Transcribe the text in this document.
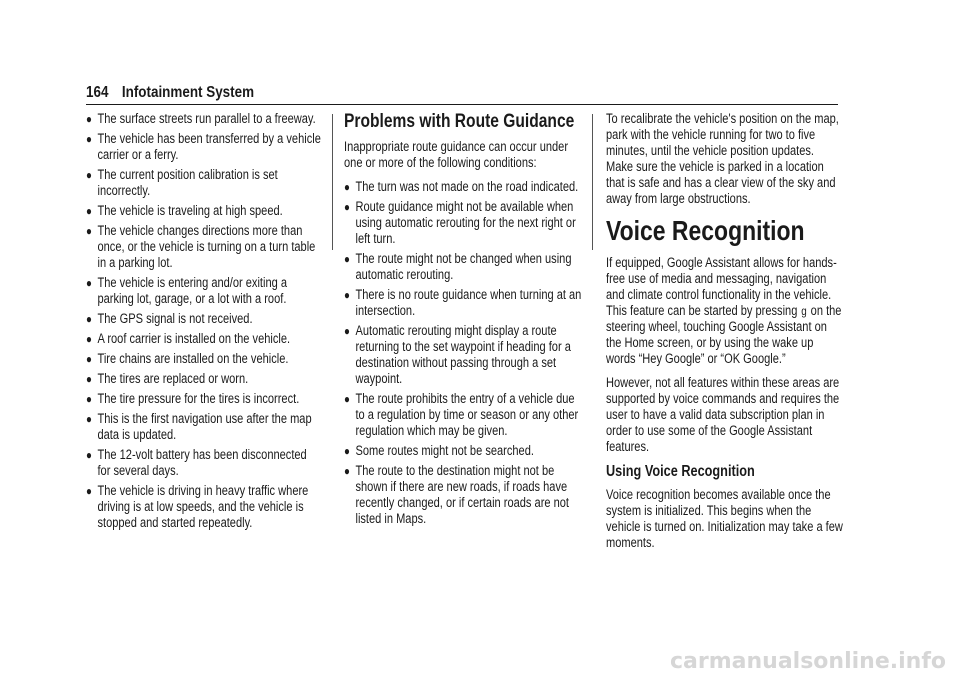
164 Infotainment System
● The surface streets run parallel to a freeway.
● The vehicle has been transferred by a vehicle carrier or a ferry.
● The current position calibration is set incorrectly.
● The vehicle is traveling at high speed.
● The vehicle changes directions more than once, or the vehicle is turning on a turn table in a parking lot.
● The vehicle is entering and/or exiting a parking lot, garage, or a lot with a roof.
● The GPS signal is not received.
● A roof carrier is installed on the vehicle.
● Tire chains are installed on the vehicle.
● The tires are replaced or worn.
● The tire pressure for the tires is incorrect.
● This is the first navigation use after the map data is updated.
● The 12-volt battery has been disconnected for several days.
● The vehicle is driving in heavy traffic where driving is at low speeds, and the vehicle is stopped and started repeatedly.
Problems with Route Guidance

Inappropriate route guidance can occur under one or more of the following conditions:

● The turn was not made on the road indicated.
● Route guidance might not be available when using automatic rerouting for the next right or left turn.
● The route might not be changed when using automatic rerouting.
● There is no route guidance when turning at an intersection.
● Automatic rerouting might display a route returning to the set waypoint if heading for a destination without passing through a set waypoint.
● The route prohibits the entry of a vehicle due to a regulation by time or season or any other regulation which may be given.
● Some routes might not be searched.
● The route to the destination might not be shown if there are new roads, if roads have recently changed, or if certain roads are not listed in Maps.

To recalibrate the vehicle's position on the map, park with the vehicle running for two to five minutes, until the vehicle position updates. Make sure the vehicle is parked in a location that is safe and has a clear view of the sky and away from large obstructions.

Voice Recognition

If equipped, Google Assistant allows for hands-free use of media and messaging, navigation and climate control functionality in the vehicle. This feature can be started by pressing g on the steering wheel, touching Google Assistant on the Home screen, or by using the wake up words “Hey Google” or “OK Google.”

However, not all features within these areas are supported by voice commands and requires the user to have a valid data subscription plan in order to use some of the Google Assistant features.

Using Voice Recognition

Voice recognition becomes available once the system is initialized. This begins when the vehicle is turned on. Initialization may take a few moments.

carmanualsonline.info
